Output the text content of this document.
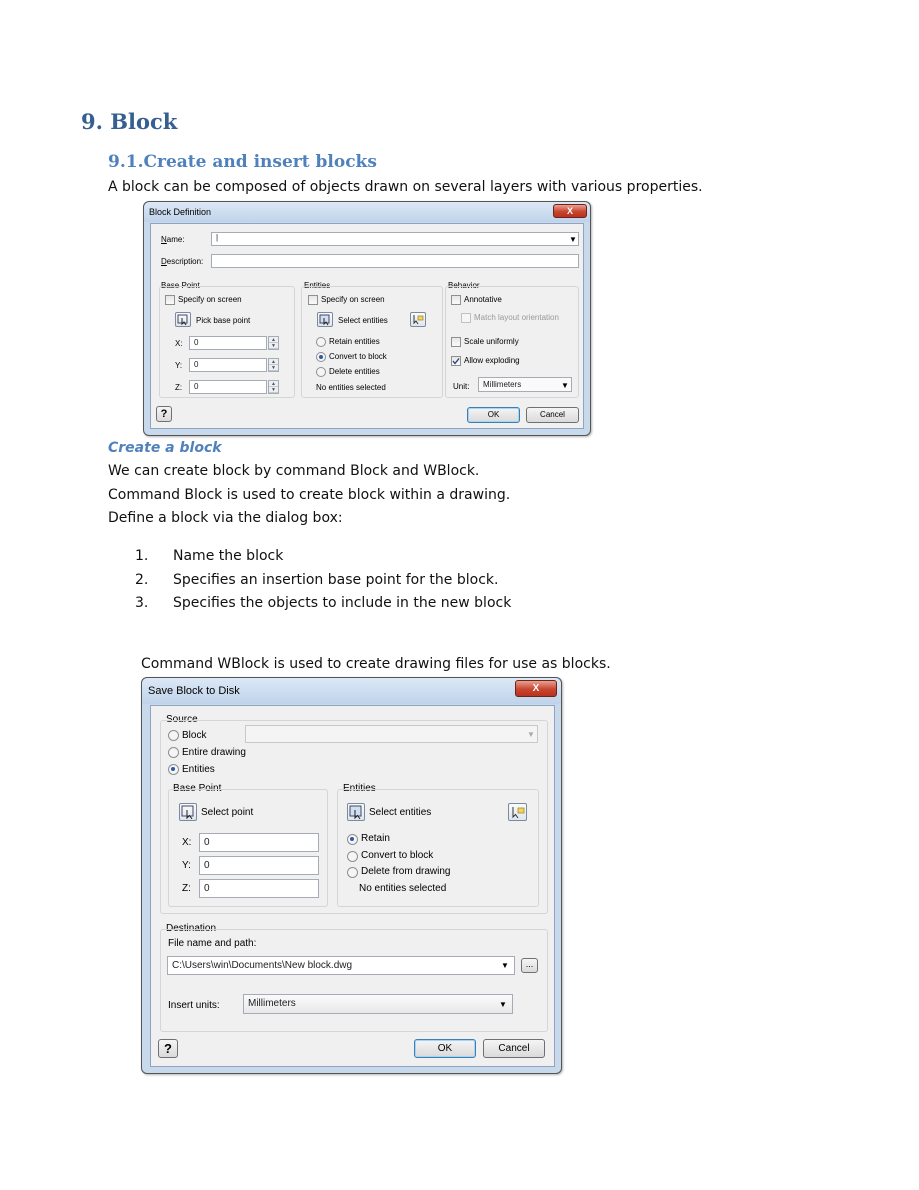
9. Block
9.1.Create and insert blocks
A block can be composed of objects drawn on several layers with various properties.
Block Definition	X
Name:	|	▼
Description:
Base Point
Specify on screen
Pick base point
X:	0	▲
▼
Y:	0	▲
▼
Z:	0	▲
▼
Entities
Specify on screen
Select entities
Retain entities
Convert to block
Delete entities
No entities selected
Behavior
Annotative
Match layout orientation
Scale uniformly
Allow exploding
Unit:	Millimeters	▼
?	OK	Cancel
Create a block
We can create block by command Block and WBlock.
Command Block is used to create block within a drawing.
Define a block via the dialog box:
1. Name the block
2. Specifies an insertion base point for the block.
3. Specifies the objects to include in the new block
Command WBlock is used to create drawing files for use as blocks.
Save Block to Disk	X
Source
Block	▼
Entire drawing
Entities
Base Point
Select point
X:	0
Y:	0
Z:	0
Entities
Select entities
Retain
Convert to block
Delete from drawing
No entities selected
Destination
File name and path:
C:\Users\win\Documents\New block.dwg	▼	...
Insert units:	Millimeters	▼
?	OK	Cancel
